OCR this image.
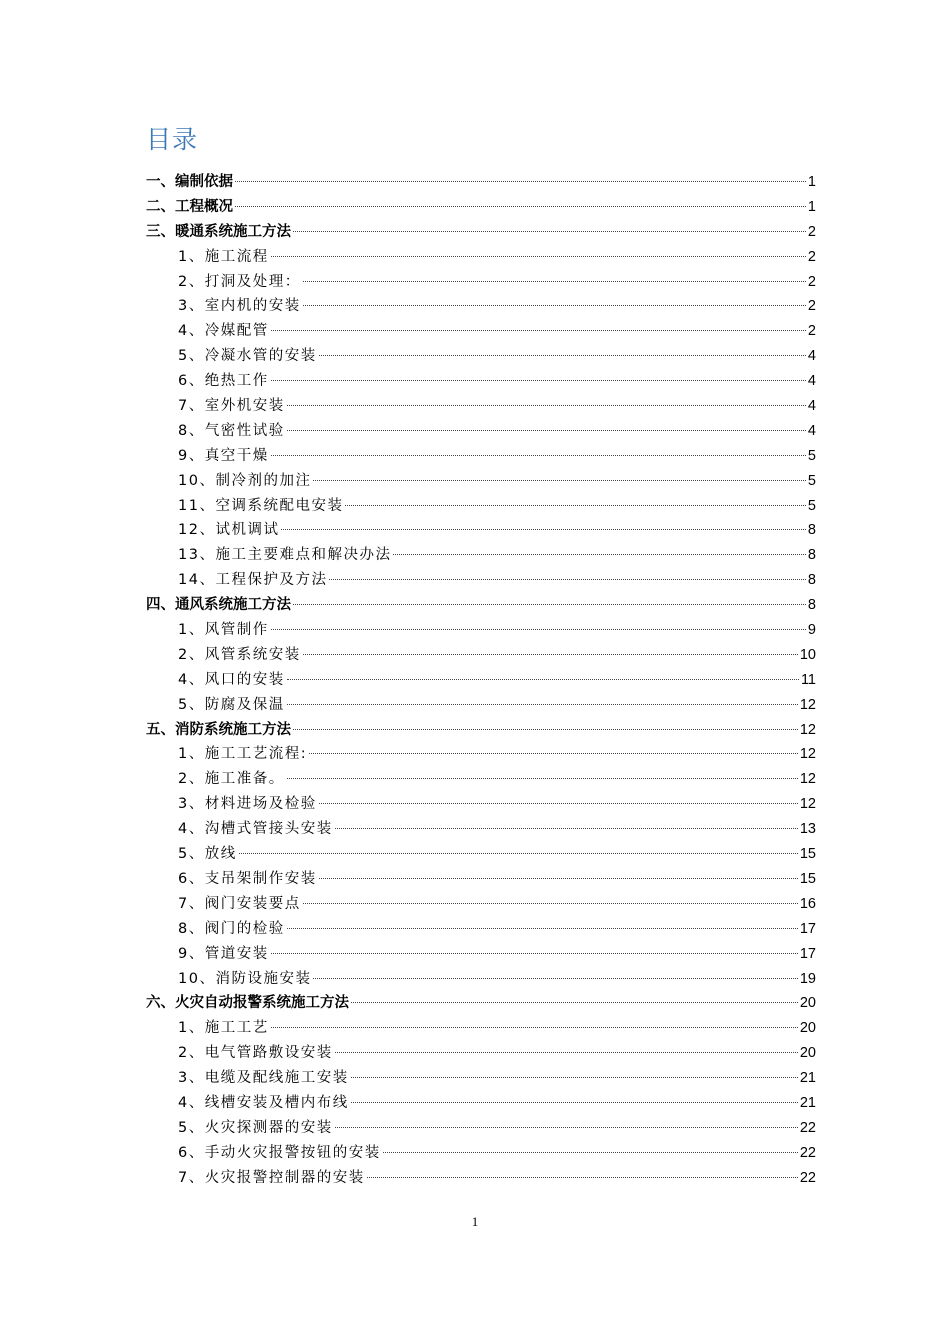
目录
一、编制依据	1
二、工程概况	1
三、暖通系统施工方法	2
1、施工流程	2
2、打洞及处理：	2
3、室内机的安装	2
4、冷媒配管	2
5、冷凝水管的安装	4
6、绝热工作	4
7、室外机安装	4
8、气密性试验	4
9、真空干燥	5
10、制冷剂的加注	5
11、空调系统配电安装	5
12、试机调试	8
13、施工主要难点和解决办法	8
14、工程保护及方法	8
四、通风系统施工方法	8
1、风管制作	9
2、风管系统安装	10
4、风口的安装	11
5、防腐及保温	12
五、消防系统施工方法	12
1、施工工艺流程:	12
2、施工准备。	12
3、材料进场及检验	12
4、沟槽式管接头安装	13
5、放线	15
6、支吊架制作安装	15
7、阀门安装要点	16
8、阀门的检验	17
9、管道安装	17
10、消防设施安装	19
六、火灾自动报警系统施工方法	20
1、施工工艺	20
2、电气管路敷设安装	20
3、电缆及配线施工安装	21
4、线槽安装及槽内布线	21
5、火灾探测器的安装	22
6、手动火灾报警按钮的安装	22
7、火灾报警控制器的安装	22
1
